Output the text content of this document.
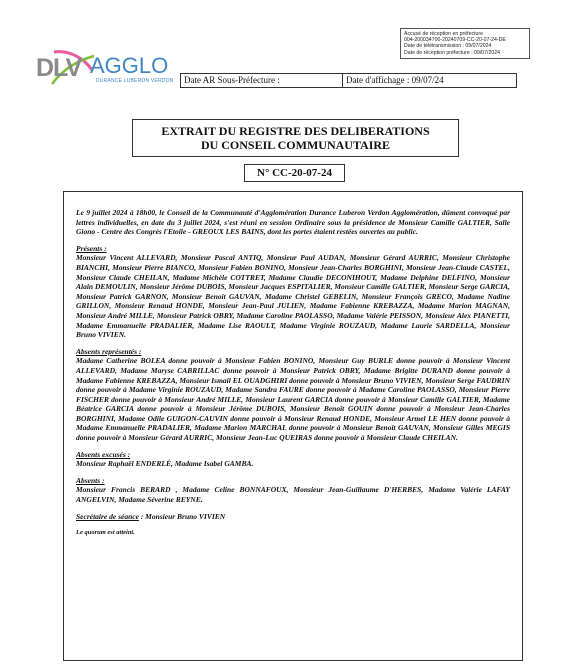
Accusé de réception en préfecture
004-200034700-20240709-CC-20-07-24-DE
Date de télétransmission : 09/07/2024
Date de réception préfecture : 09/07/2024
DLV AGGLO
DURANCE LUBERON VERDON	Date AR Sous-Préfecture :	Date d'affichage : 09/07/24
EXTRAIT DU REGISTRE DES DELIBERATIONS
DU CONSEIL COMMUNAUTAIRE
N° CC-20-07-24

Le 9 juillet 2024 à 18h00, le Conseil de la Communauté d'Agglomération Durance Luberon Verdon Agglomération, dûment convoqué par lettres individuelles, en date du 3 juillet 2024, s'est réuni en session Ordinaire sous la présidence de Monsieur Camille GALTIER, Salle Giono - Centre des Congrès l'Etoile - GREOUX LES BAINS, dont les portes étaient restées ouvertes au public.

Présents :
Monsieur Vincent ALLEVARD, Monsieur Pascal ANTIQ, Monsieur Paul AUDAN, Monsieur Gérard AURRIC, Monsieur Christophe BIANCHI, Monsieur Pierre BIANCO, Monsieur Fabien BONINO, Monsieur Jean-Charles BORGHINI, Monsieur Jean-Claude CASTEL, Monsieur Claude CHEILAN, Madame Michèle COTTRET, Madame Claudie DECONIHOUT, Madame Delphine DELFINO, Monsieur Alain DEMOULIN, Monsieur Jérôme DUBOIS, Monsieur Jacques ESPITALIER, Monsieur Camille GALTIER, Monsieur Serge GARCIA, Monsieur Patrick GARNON, Monsieur Benoit GAUVAN, Madame Christel GEBELIN, Monsieur François GRECO, Madame Nadine GRILLON, Monsieur Renaud HONDE, Monsieur Jean-Paul JULIEN, Madame Fabienne KREBAZZA, Madame Marion MAGNAN, Monsieur André MILLE, Monsieur Patrick OBRY, Madame Caroline PAOLASSO, Madame Valérie PEISSON, Monsieur Alex PIANETTI, Madame Emmanuelle PRADALIER, Madame Lise RAOULT, Madame Virginie ROUZAUD, Madame Laurie SARDELLA, Monsieur Bruno VIVIEN.

Absents représentés :
Madame Catherine BOLEA donne pouvoir à Monsieur Fabien BONINO, Monsieur Guy BURLE donne pouvoir à Monsieur Vincent ALLEVARD, Madame Maryse CABRILLAC donne pouvoir à Monsieur Patrick OBRY, Madame Brigitte DURAND donne pouvoir à Madame Fabienne KREBAZZA, Monsieur Ismail EL OUADGHIRI donne pouvoir à Monsieur Bruno VIVIEN, Monsieur Serge FAUDRIN donne pouvoir à Madame Virginie ROUZAUD, Madame Sandra FAURE donne pouvoir à Madame Caroline PAOLASSO, Monsieur Pierre FISCHER donne pouvoir à Monsieur André MILLE, Monsieur Laurent GARCIA donne pouvoir à Monsieur Camille GALTIER, Madame Béatrice GARCIA donne pouvoir à Monsieur Jérôme DUBOIS, Monsieur Benoît GOUIN donne pouvoir à Monsieur Jean-Charles BORGHINI, Madame Odile GUIGON-CAUVIN donne pouvoir à Monsieur Renaud HONDE, Monsieur Armel LE HEN donne pouvoir à Madame Emmanuelle PRADALIER, Madame Marion MARCHAL donne pouvoir à Monsieur Benoît GAUVAN, Monsieur Gilles MEGIS donne pouvoir à Monsieur Gérard AURRIC, Monsieur Jean-Luc QUEIRAS donne pouvoir à Monsieur Claude CHEILAN.

Absents excusés :
Monsieur Raphaël ENDERLÉ, Madame Isabel GAMBA.

Absents :
Monsieur Francis BERARD , Madame Celine BONNAFOUX, Monsieur Jean-Guillaume D'HERBES, Madame Valérie LAFAY ANGELVIN, Madame Séverine REYNE.

Secrétaire de séance : Monsieur Bruno VIVIEN

Le quorum est atteint.
